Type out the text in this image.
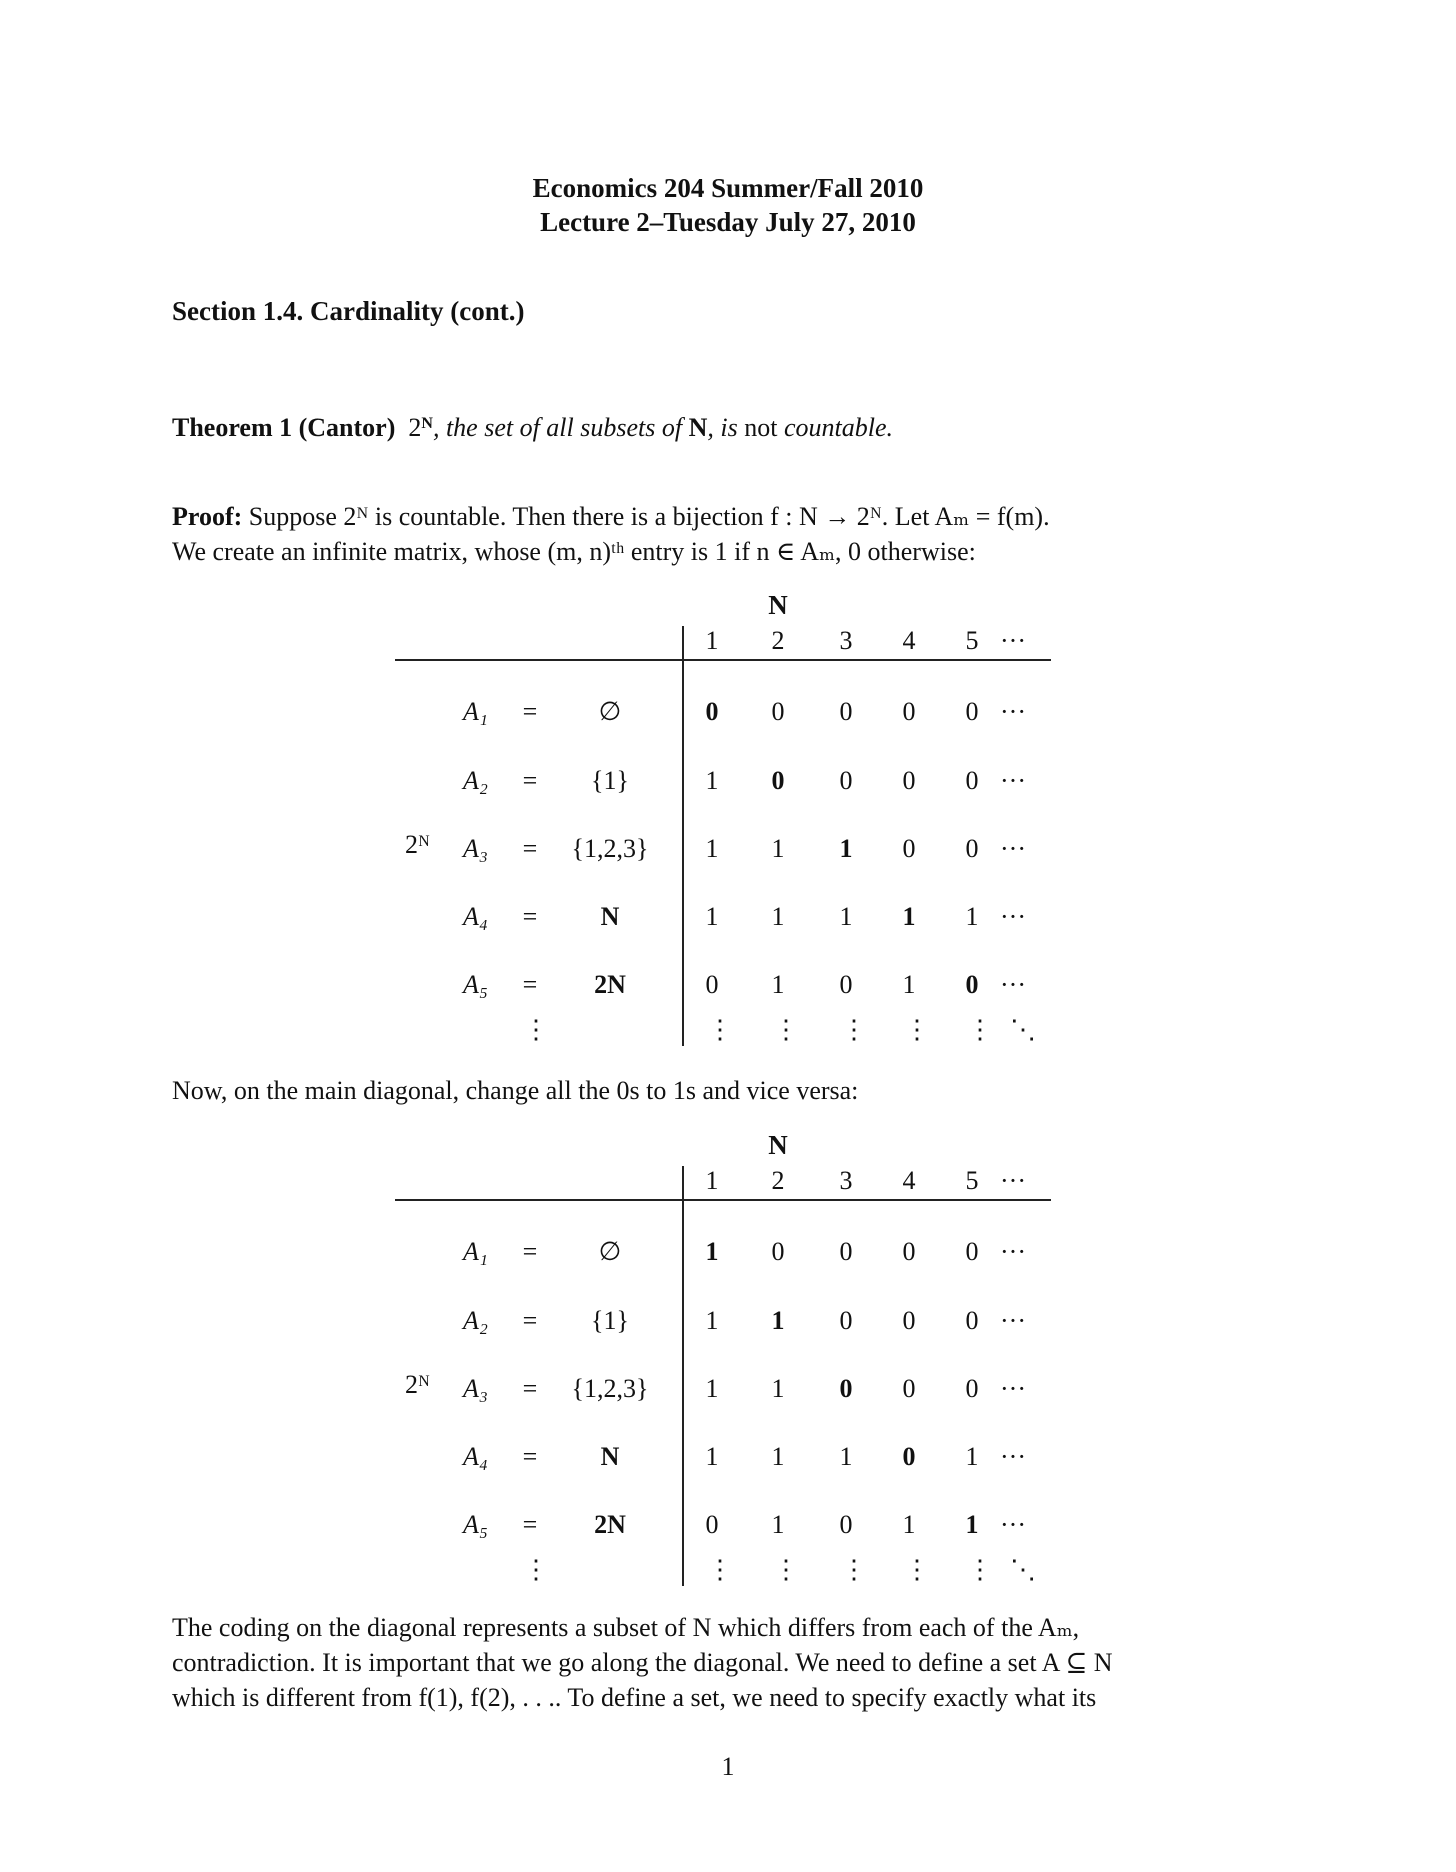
Economics 204 Summer/Fall 2010
Lecture 2–Tuesday July 27, 2010
Section 1.4. Cardinality (cont.)
Theorem 1 (Cantor) $2^N$, the set of all subsets of N, is not countable.
Proof: Suppose 2ᴺ is countable. Then there is a bijection f : N → 2ᴺ. Let Aₘ = f(m).
We create an infinite matrix, whose (m, n)ᵗʰ entry is 1 if n ∈ Aₘ, 0 otherwise:
N
1	2	3	4	5 ···
A₁ =	∅	0	0	0	0	0 ···
A₂ =	{1}	1	0	0	0	0 ···
A₃ =	{1,2,3}	1	1	1	0	0 ···
A₄ =	N	1	1	1	1	1 ···
A₅ =	2N	0	1	0	1	0 ···
2ᴺ
⋮	⋮ ⋮ ⋮ ⋮ ⋮ ⋱
Now, on the main diagonal, change all the 0s to 1s and vice versa:
N
1	2	3	4	5 ···
A₁ =	∅	1	0	0	0	0 ···
A₂ =	{1}	1	1	0	0	0 ···
A₃ =	{1,2,3}	1	1	0	0	0 ···
A₄ =	N	1	1	1	0	1 ···
A₅ =	2N	0	1	0	1	1 ···
2ᴺ
⋮	⋮ ⋮ ⋮ ⋮ ⋮ ⋱
The coding on the diagonal represents a subset of N which differs from each of the Aₘ,
contradiction. It is important that we go along the diagonal. We need to define a set A ⊆ N
which is different from f(1), f(2), . . .. To define a set, we need to specify exactly what its
1
